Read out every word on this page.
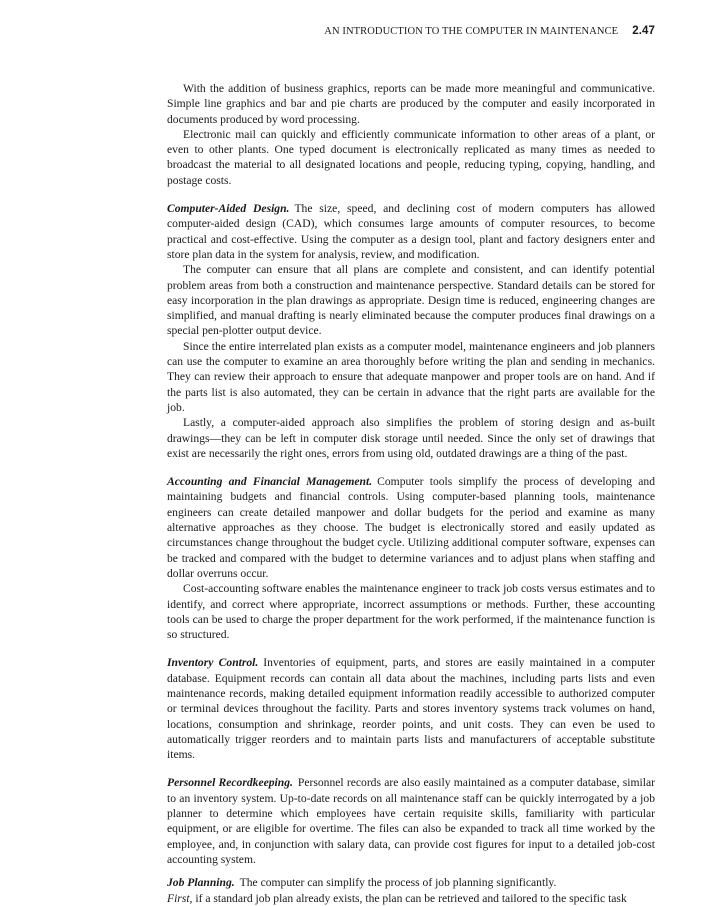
AN INTRODUCTION TO THE COMPUTER IN MAINTENANCE 2.47

With the addition of business graphics, reports can be made more meaningful and communicative. Simple line graphics and bar and pie charts are produced by the computer and easily incorporated in documents produced by word processing.

Electronic mail can quickly and efficiently communicate information to other areas of a plant, or even to other plants. One typed document is electronically replicated as many times as needed to broadcast the material to all designated locations and people, reducing typing, copying, handling, and postage costs.

Computer-Aided Design. The size, speed, and declining cost of modern computers has allowed computer-aided design (CAD), which consumes large amounts of computer resources, to become practical and cost-effective. Using the computer as a design tool, plant and factory designers enter and store plan data in the system for analysis, review, and modification.

The computer can ensure that all plans are complete and consistent, and can identify potential problem areas from both a construction and maintenance perspective. Standard details can be stored for easy incorporation in the plan drawings as appropriate. Design time is reduced, engineering changes are simplified, and manual drafting is nearly eliminated because the computer produces final drawings on a special pen-plotter output device.

Since the entire interrelated plan exists as a computer model, maintenance engineers and job planners can use the computer to examine an area thoroughly before writing the plan and sending in mechanics. They can review their approach to ensure that adequate manpower and proper tools are on hand. And if the parts list is also automated, they can be certain in advance that the right parts are available for the job.

Lastly, a computer-aided approach also simplifies the problem of storing design and as-built drawings—they can be left in computer disk storage until needed. Since the only set of drawings that exist are necessarily the right ones, errors from using old, outdated drawings are a thing of the past.

Accounting and Financial Management. Computer tools simplify the process of developing and maintaining budgets and financial controls. Using computer-based planning tools, maintenance engineers can create detailed manpower and dollar budgets for the period and examine as many alternative approaches as they choose. The budget is electronically stored and easily updated as circumstances change throughout the budget cycle. Utilizing additional computer software, expenses can be tracked and compared with the budget to determine variances and to adjust plans when staffing and dollar overruns occur.

Cost-accounting software enables the maintenance engineer to track job costs versus estimates and to identify, and correct where appropriate, incorrect assumptions or methods. Further, these accounting tools can be used to charge the proper department for the work performed, if the maintenance function is so structured.

Inventory Control. Inventories of equipment, parts, and stores are easily maintained in a computer database. Equipment records can contain all data about the machines, including parts lists and even maintenance records, making detailed equipment information readily accessible to authorized computer or terminal devices throughout the facility. Parts and stores inventory systems track volumes on hand, locations, consumption and shrinkage, reorder points, and unit costs. They can even be used to automatically trigger reorders and to maintain parts lists and manufacturers of acceptable substitute items.

Personnel Recordkeeping. Personnel records are also easily maintained as a computer database, similar to an inventory system. Up-to-date records on all maintenance staff can be quickly interrogated by a job planner to determine which employees have certain requisite skills, familiarity with particular equipment, or are eligible for overtime. The files can also be expanded to track all time worked by the employee, and, in conjunction with salary data, can provide cost figures for input to a detailed job-cost accounting system.

Job Planning. The computer can simplify the process of job planning significantly.

First, if a standard job plan already exists, the plan can be retrieved and tailored to the specific task
